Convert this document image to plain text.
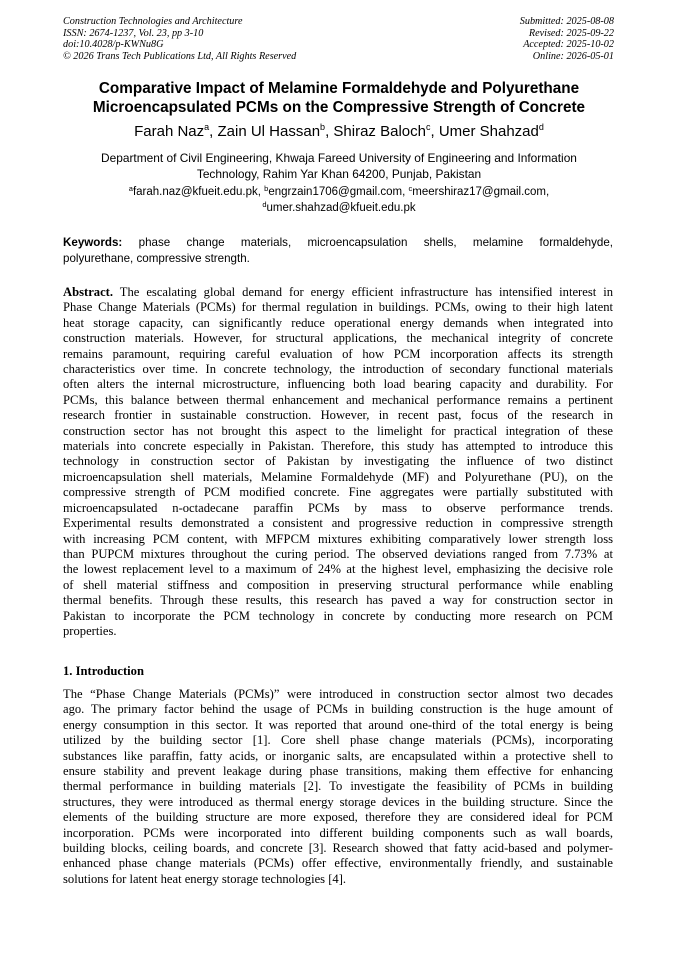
Construction Technologies and Architecture
ISSN: 2674-1237, Vol. 23, pp 3-10
doi:10.4028/p-KWNu8G
© 2026 Trans Tech Publications Ltd, All Rights Reserved
Submitted: 2025-08-08
Revised: 2025-09-22
Accepted: 2025-10-02
Online: 2026-05-01
Comparative Impact of Melamine Formaldehyde and Polyurethane
Microencapsulated PCMs on the Compressive Strength of Concrete
Farah Naz$^a$, Zain Ul Hassan$^b$, Shiraz Baloch$^c$, Umer Shahzad$^d$
Department of Civil Engineering, Khwaja Fareed University of Engineering and Information
Technology, Rahim Yar Khan 64200, Punjab, Pakistan
$^a$farah.naz@kfueit.edu.pk, $^b$engrzain1706@gmail.com, $^c$meershiraz17@gmail.com,
$^d$umer.shahzad@kfueit.edu.pk
Keywords: phase change materials, microencapsulation shells, melamine formaldehyde,
polyurethane, compressive strength.
Abstract. The escalating global demand for energy efficient infrastructure has intensified interest in
Phase Change Materials (PCMs) for thermal regulation in buildings. PCMs, owing to their high latent
heat storage capacity, can significantly reduce operational energy demands when integrated into
construction materials. However, for structural applications, the mechanical integrity of concrete
remains paramount, requiring careful evaluation of how PCM incorporation affects its strength
characteristics over time. In concrete technology, the introduction of secondary functional materials
often alters the internal microstructure, influencing both load bearing capacity and durability. For
PCMs, this balance between thermal enhancement and mechanical performance remains a pertinent
research frontier in sustainable construction. However, in recent past, focus of the research in
construction sector has not brought this aspect to the limelight for practical integration of these
materials into concrete especially in Pakistan. Therefore, this study has attempted to introduce this
technology in construction sector of Pakistan by investigating the influence of two distinct
microencapsulation shell materials, Melamine Formaldehyde (MF) and Polyurethane (PU), on the
compressive strength of PCM modified concrete. Fine aggregates were partially substituted with
microencapsulated n-octadecane paraffin PCMs by mass to observe performance trends.
Experimental results demonstrated a consistent and progressive reduction in compressive strength
with increasing PCM content, with MFPCM mixtures exhibiting comparatively lower strength loss
than PUPCM mixtures throughout the curing period. The observed deviations ranged from 7.73% at
the lowest replacement level to a maximum of 24% at the highest level, emphasizing the decisive role
of shell material stiffness and composition in preserving structural performance while enabling
thermal benefits. Through these results, this research has paved a way for construction sector in
Pakistan to incorporate the PCM technology in concrete by conducting more research on PCM
properties.
1. Introduction
The “Phase Change Materials (PCMs)” were introduced in construction sector almost two decades
ago. The primary factor behind the usage of PCMs in building construction is the huge amount of
energy consumption in this sector. It was reported that around one-third of the total energy is being
utilized by the building sector [1]. Core shell phase change materials (PCMs), incorporating
substances like paraffin, fatty acids, or inorganic salts, are encapsulated within a protective shell to
ensure stability and prevent leakage during phase transitions, making them effective for enhancing
thermal performance in building materials [2]. To investigate the feasibility of PCMs in building
structures, they were introduced as thermal energy storage devices in the building structure. Since the
elements of the building structure are more exposed, therefore they are considered ideal for PCM
incorporation. PCMs were incorporated into different building components such as wall boards,
building blocks, ceiling boards, and concrete [3]. Research showed that fatty acid-based and polymer-
enhanced phase change materials (PCMs) offer effective, environmentally friendly, and sustainable
solutions for latent heat energy storage technologies [4].
